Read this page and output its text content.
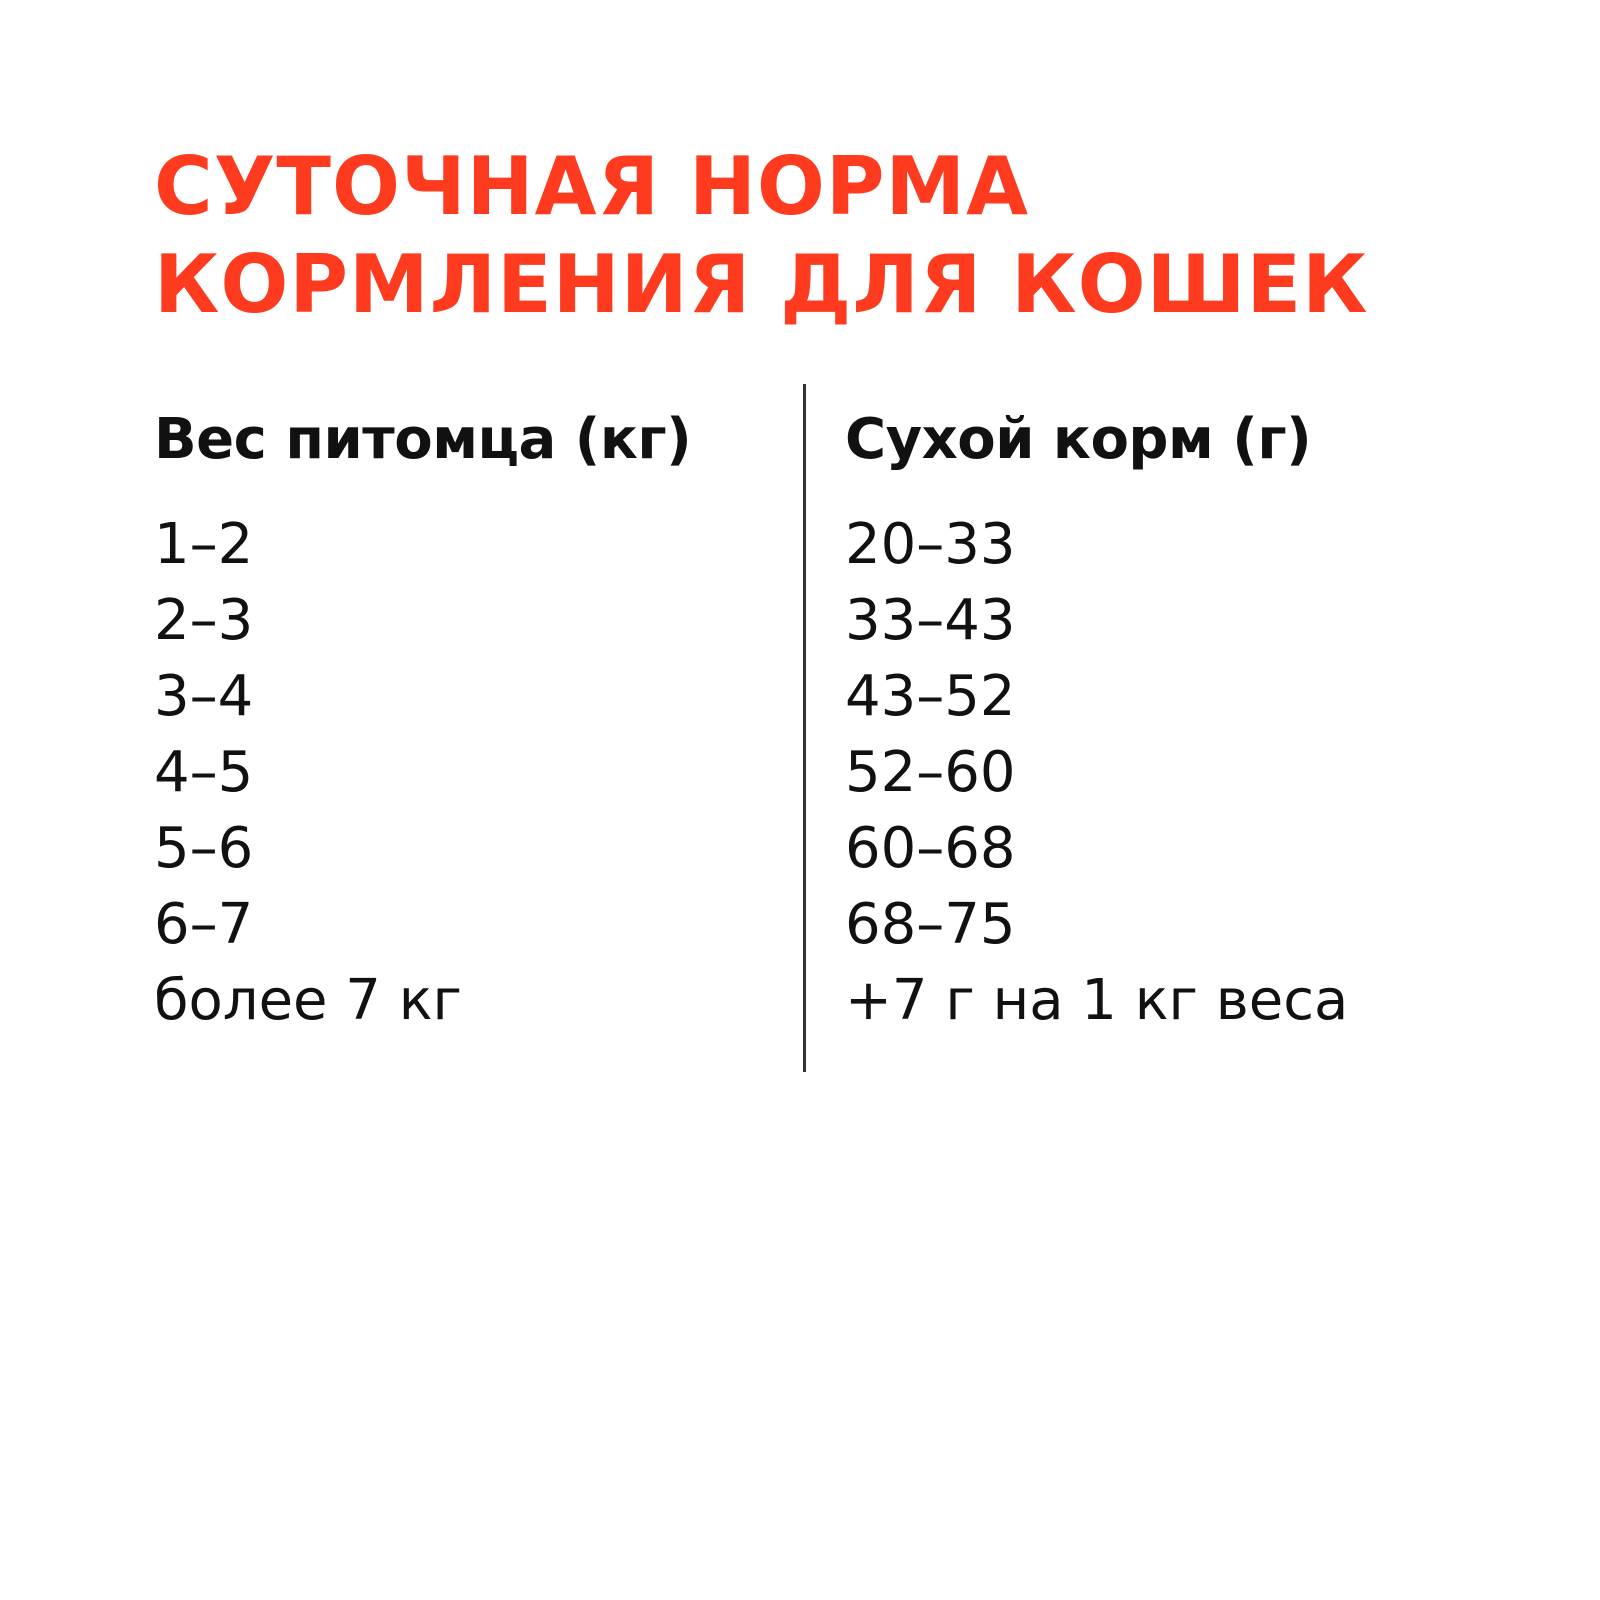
СУТОЧНАЯ НОРМА
КОРМЛЕНИЯ ДЛЯ КОШЕК
Вес питомца (кг)
1–2
2–3
3–4
4–5
5–6
6–7
более 7 кг
Сухой корм (г)
20–33
33–43
43–52
52–60
60–68
68–75
+7 г на 1 кг веса
